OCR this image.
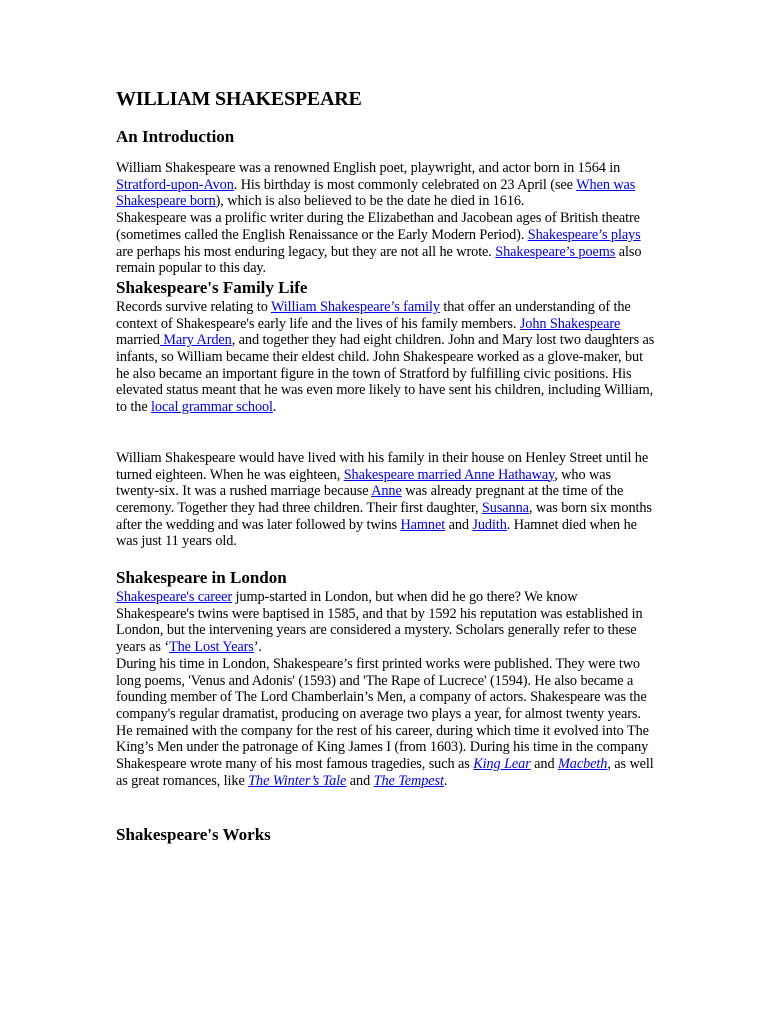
WILLIAM SHAKESPEARE
An Introduction

William Shakespeare was a renowned English poet, playwright, and actor born in 1564 in Stratford-upon-Avon. His birthday is most commonly celebrated on 23 April (see When was Shakespeare born), which is also believed to be the date he died in 1616.

Shakespeare was a prolific writer during the Elizabethan and Jacobean ages of British theatre (sometimes called the English Renaissance or the Early Modern Period). Shakespeare’s plays are perhaps his most enduring legacy, but they are not all he wrote. Shakespeare’s poems also remain popular to this day.

Shakespeare's Family Life

Records survive relating to William Shakespeare’s family that offer an understanding of the context of Shakespeare's early life and the lives of his family members. John Shakespeare married Mary Arden, and together they had eight children. John and Mary lost two daughters as infants, so William became their eldest child. John Shakespeare worked as a glove-maker, but he also became an important figure in the town of Stratford by fulfilling civic positions. His elevated status meant that he was even more likely to have sent his children, including William, to the local grammar school.

William Shakespeare would have lived with his family in their house on Henley Street until he turned eighteen. When he was eighteen, Shakespeare married Anne Hathaway, who was twenty-six. It was a rushed marriage because Anne was already pregnant at the time of the ceremony. Together they had three children. Their first daughter, Susanna, was born six months after the wedding and was later followed by twins Hamnet and Judith. Hamnet died when he was just 11 years old.

Shakespeare in London

Shakespeare's career jump-started in London, but when did he go there? We know Shakespeare's twins were baptised in 1585, and that by 1592 his reputation was established in London, but the intervening years are considered a mystery. Scholars generally refer to these years as ‘The Lost Years’.

During his time in London, Shakespeare’s first printed works were published. They were two long poems, 'Venus and Adonis' (1593) and 'The Rape of Lucrece' (1594). He also became a founding member of The Lord Chamberlain’s Men, a company of actors. Shakespeare was the company's regular dramatist, producing on average two plays a year, for almost twenty years.

He remained with the company for the rest of his career, during which time it evolved into The King’s Men under the patronage of King James I (from 1603). During his time in the company Shakespeare wrote many of his most famous tragedies, such as King Lear and Macbeth, as well as great romances, like The Winter’s Tale and The Tempest.

Shakespeare's Works
